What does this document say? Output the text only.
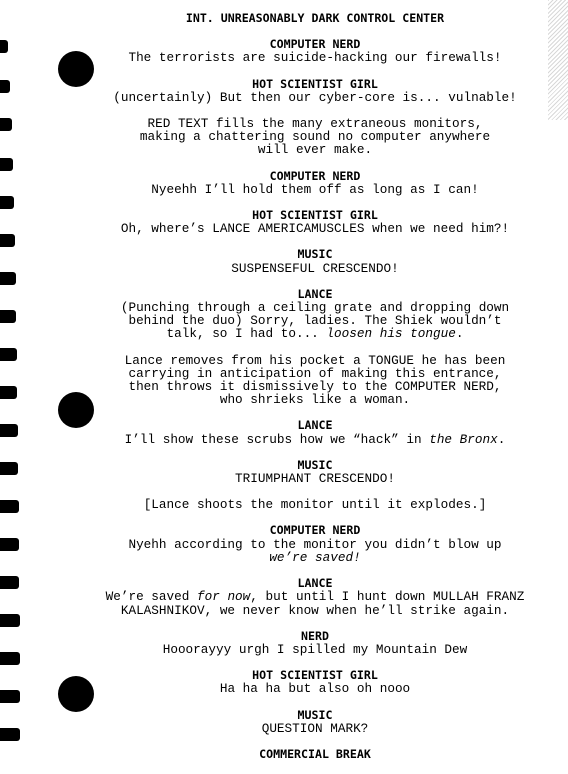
INT. UNREASONABLY DARK CONTROL CENTER
COMPUTER NERD
The terrorists are suicide-hacking our firewalls!
HOT SCIENTIST GIRL
(uncertainly) But then our cyber-core is... vulnable!
RED TEXT fills the many extraneous monitors,
making a chattering sound no computer anywhere
will ever make.
COMPUTER NERD
Nyeehh I’ll hold them off as long as I can!
HOT SCIENTIST GIRL
Oh, where’s LANCE AMERICAMUSCLES when we need him?!
MUSIC
SUSPENSEFUL CRESCENDO!
LANCE
(Punching through a ceiling grate and dropping down
behind the duo) Sorry, ladies. The Shiek wouldn’t
talk, so I had to... loosen his tongue.
Lance removes from his pocket a TONGUE he has been
carrying in anticipation of making this entrance,
then throws it dismissively to the COMPUTER NERD,
who shrieks like a woman.
LANCE
I’ll show these scrubs how we “hack” in the Bronx.
MUSIC
TRIUMPHANT CRESCENDO!
[Lance shoots the monitor until it explodes.]
COMPUTER NERD
Nyehh according to the monitor you didn’t blow up
we’re saved!
LANCE
We’re saved for now, but until I hunt down MULLAH FRANZ
KALASHNIKOV, we never know when he’ll strike again.
NERD
Hooorayyy urgh I spilled my Mountain Dew
HOT SCIENTIST GIRL
Ha ha ha but also oh nooo
MUSIC
QUESTION MARK?
COMMERCIAL BREAK
